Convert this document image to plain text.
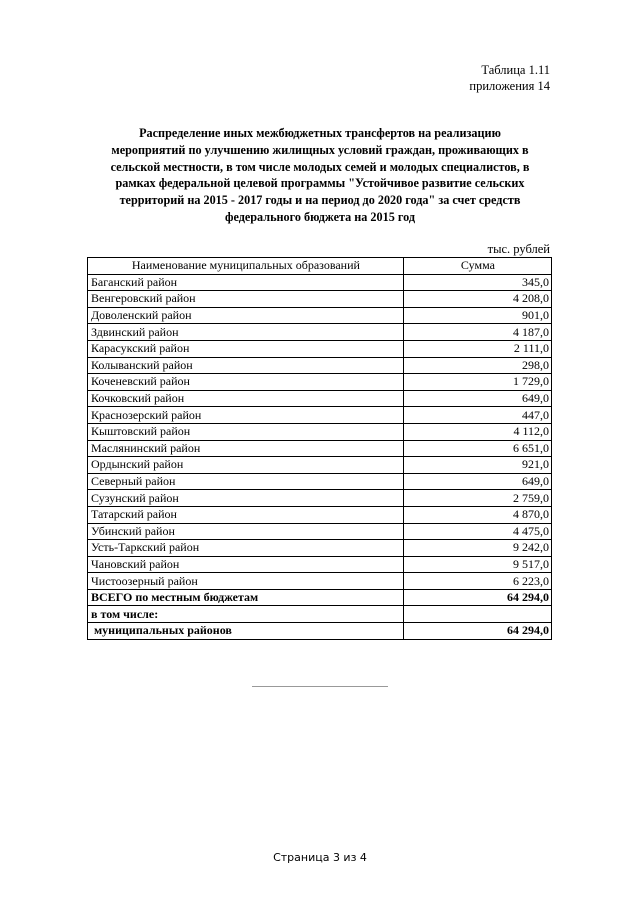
Таблица 1.11
приложения 14
Распределение иных межбюджетных трансфертов на реализацию
мероприятий по улучшению жилищных условий граждан, проживающих в
сельской местности, в том числе молодых семей и молодых специалистов, в
рамках федеральной целевой программы "Устойчивое развитие сельских
территорий на 2015 - 2017 годы и на период до 2020 года" за счет средств
федерального бюджета на 2015 год
тыс. рублей
Наименование муниципальных образований	Сумма
Баганский район	345,0
Венгеровский район	4 208,0
Доволенский район	901,0
Здвинский район	4 187,0
Карасукский район	2 111,0
Колыванский район	298,0
Коченевский район	1 729,0
Кочковский район	649,0
Краснозерский район	447,0
Кыштовский район	4 112,0
Маслянинский район	6 651,0
Ордынский район	921,0
Северный район	649,0
Сузунский район	2 759,0
Татарский район	4 870,0
Убинский район	4 475,0
Усть-Таркский район	9 242,0
Чановский район	9 517,0
Чистоозерный район	6 223,0
ВСЕГО по местным бюджетам	64 294,0
в том числе:	
муниципальных районов	64 294,0
Страница 3 из 4
